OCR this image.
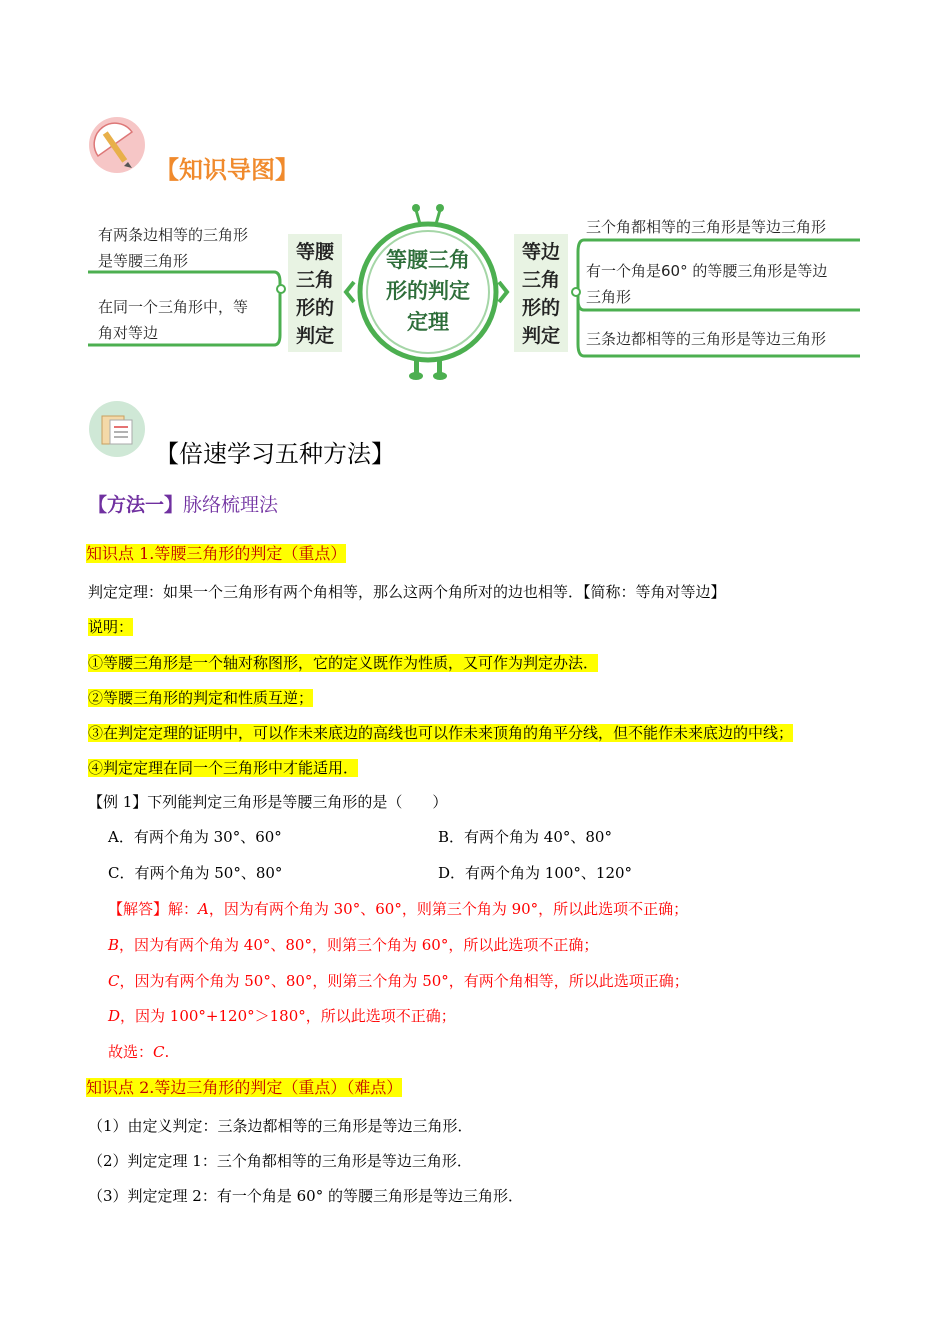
【知识导图】
有两条边相等的三角形
是等腰三角形
在同一个三角形中，等
角对等边
等腰
三角
形的
判定
等腰三角
形的判定
定理
等边
三角
形的
判定
三个角都相等的三角形是等边三角形
有一个角是60° 的等腰三角形是等边
三角形
三条边都相等的三角形是等边三角形
【倍速学习五种方法】
【方法一】脉络梳理法
知识点 1.等腰三角形的判定（重点）
判定定理：如果一个三角形有两个角相等，那么这两个角所对的边也相等．【简称：等角对等边】
说明：
①等腰三角形是一个轴对称图形，它的定义既作为性质，又可作为判定办法．
②等腰三角形的判定和性质互逆；
③在判定定理的证明中，可以作未来底边的高线也可以作未来顶角的角平分线，但不能作未来底边的中线；
④判定定理在同一个三角形中才能适用．
【例 1】下列能判定三角形是等腰三角形的是（　　）
A．有两个角为 30°、60°	B．有两个角为 40°、80°
C．有两个角为 50°、80°	D．有两个角为 100°、120°
【解答】解：A，因为有两个角为 30°、60°，则第三个角为 90°，所以此选项不正确；
B，因为有两个角为 40°、80°，则第三个角为 60°，所以此选项不正确；
C，因为有两个角为 50°、80°，则第三个角为 50°，有两个角相等，所以此选项正确；
D，因为 100°+120°＞180°，所以此选项不正确；
故选：C.
知识点 2.等边三角形的判定（重点）（难点）
（1）由定义判定：三条边都相等的三角形是等边三角形．
（2）判定定理 1：三个角都相等的三角形是等边三角形．
（3）判定定理 2：有一个角是 60° 的等腰三角形是等边三角形．
